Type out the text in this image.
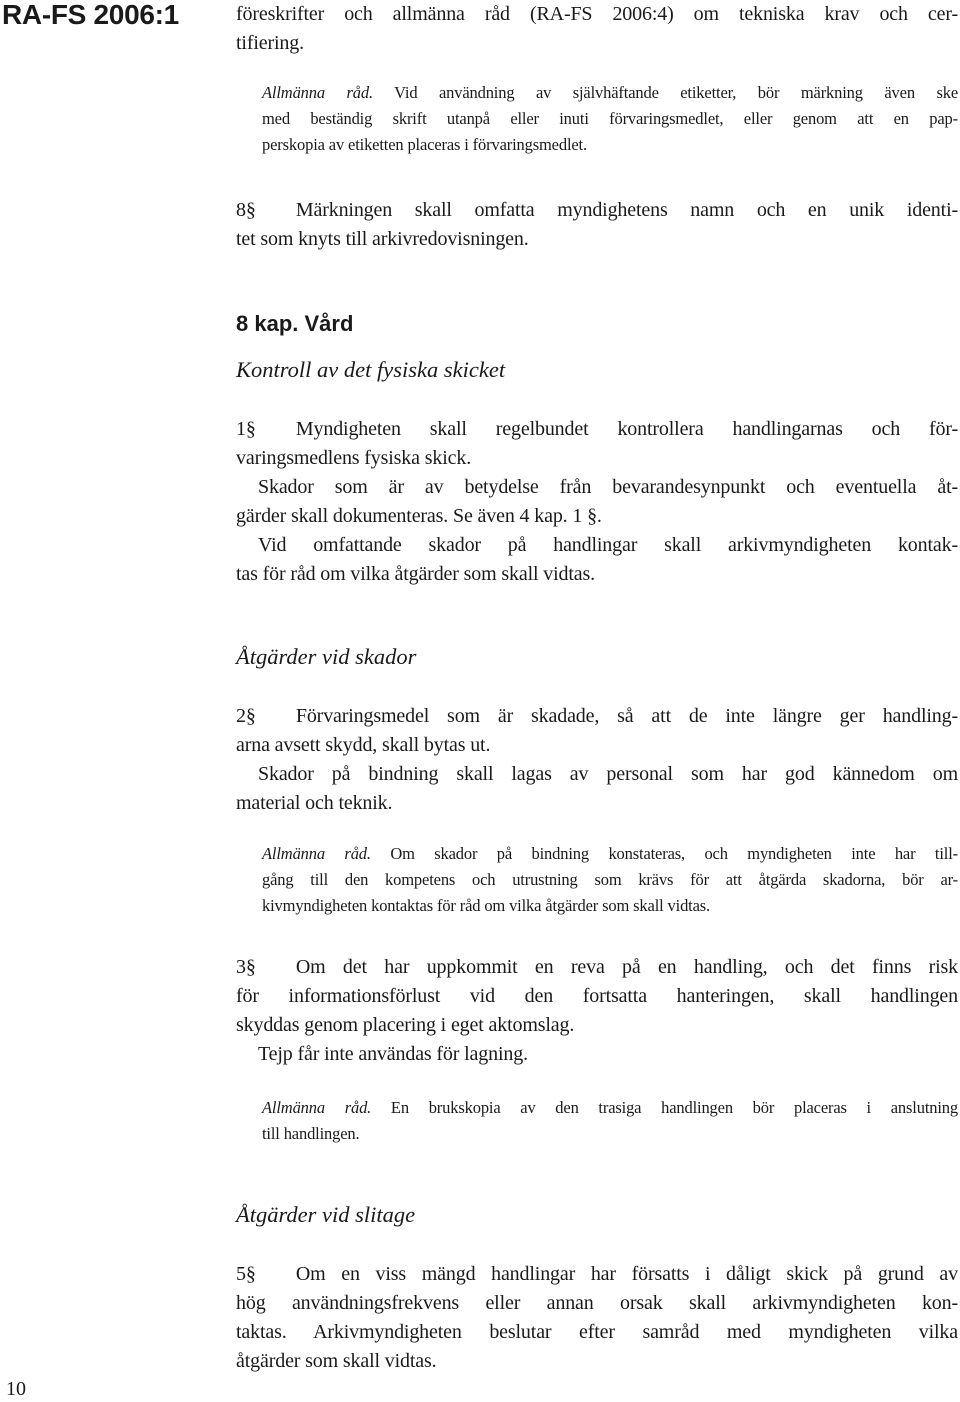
RA-FS 2006:1	föreskrifter och allmänna råd (RA-FS 2006:4) om tekniska krav och cer-
tifiering.
Allmänna råd. Vid användning av självhäftande etiketter, bör märkning även ske
med beständig skrift utanpå eller inuti förvaringsmedlet, eller genom att en pap-
perskopia av etiketten placeras i förvaringsmedlet.
8§ Märkningen skall omfatta myndighetens namn och en unik identi-
tet som knyts till arkivredovisningen.
8 kap. Vård
Kontroll av det fysiska skicket
1§ Myndigheten skall regelbundet kontrollera handlingarnas och för-
varingsmedlens fysiska skick.
Skador som är av betydelse från bevarandesynpunkt och eventuella åt-
gärder skall dokumenteras. Se även 4 kap. 1 §.
Vid omfattande skador på handlingar skall arkivmyndigheten kontak-
tas för råd om vilka åtgärder som skall vidtas.
Åtgärder vid skador
2§ Förvaringsmedel som är skadade, så att de inte längre ger handling-
arna avsett skydd, skall bytas ut.
Skador på bindning skall lagas av personal som har god kännedom om
material och teknik.
Allmänna råd. Om skador på bindning konstateras, och myndigheten inte har till-
gång till den kompetens och utrustning som krävs för att åtgärda skadorna, bör ar-
kivmyndigheten kontaktas för råd om vilka åtgärder som skall vidtas.
3§ Om det har uppkommit en reva på en handling, och det finns risk
för informationsförlust vid den fortsatta hanteringen, skall handlingen
skyddas genom placering i eget aktomslag.
Tejp får inte användas för lagning.
Allmänna råd. En brukskopia av den trasiga handlingen bör placeras i anslutning
till handlingen.
Åtgärder vid slitage
5§ Om en viss mängd handlingar har försatts i dåligt skick på grund av
hög användningsfrekvens eller annan orsak skall arkivmyndigheten kon-
taktas. Arkivmyndigheten beslutar efter samråd med myndigheten vilka
åtgärder som skall vidtas.
10
